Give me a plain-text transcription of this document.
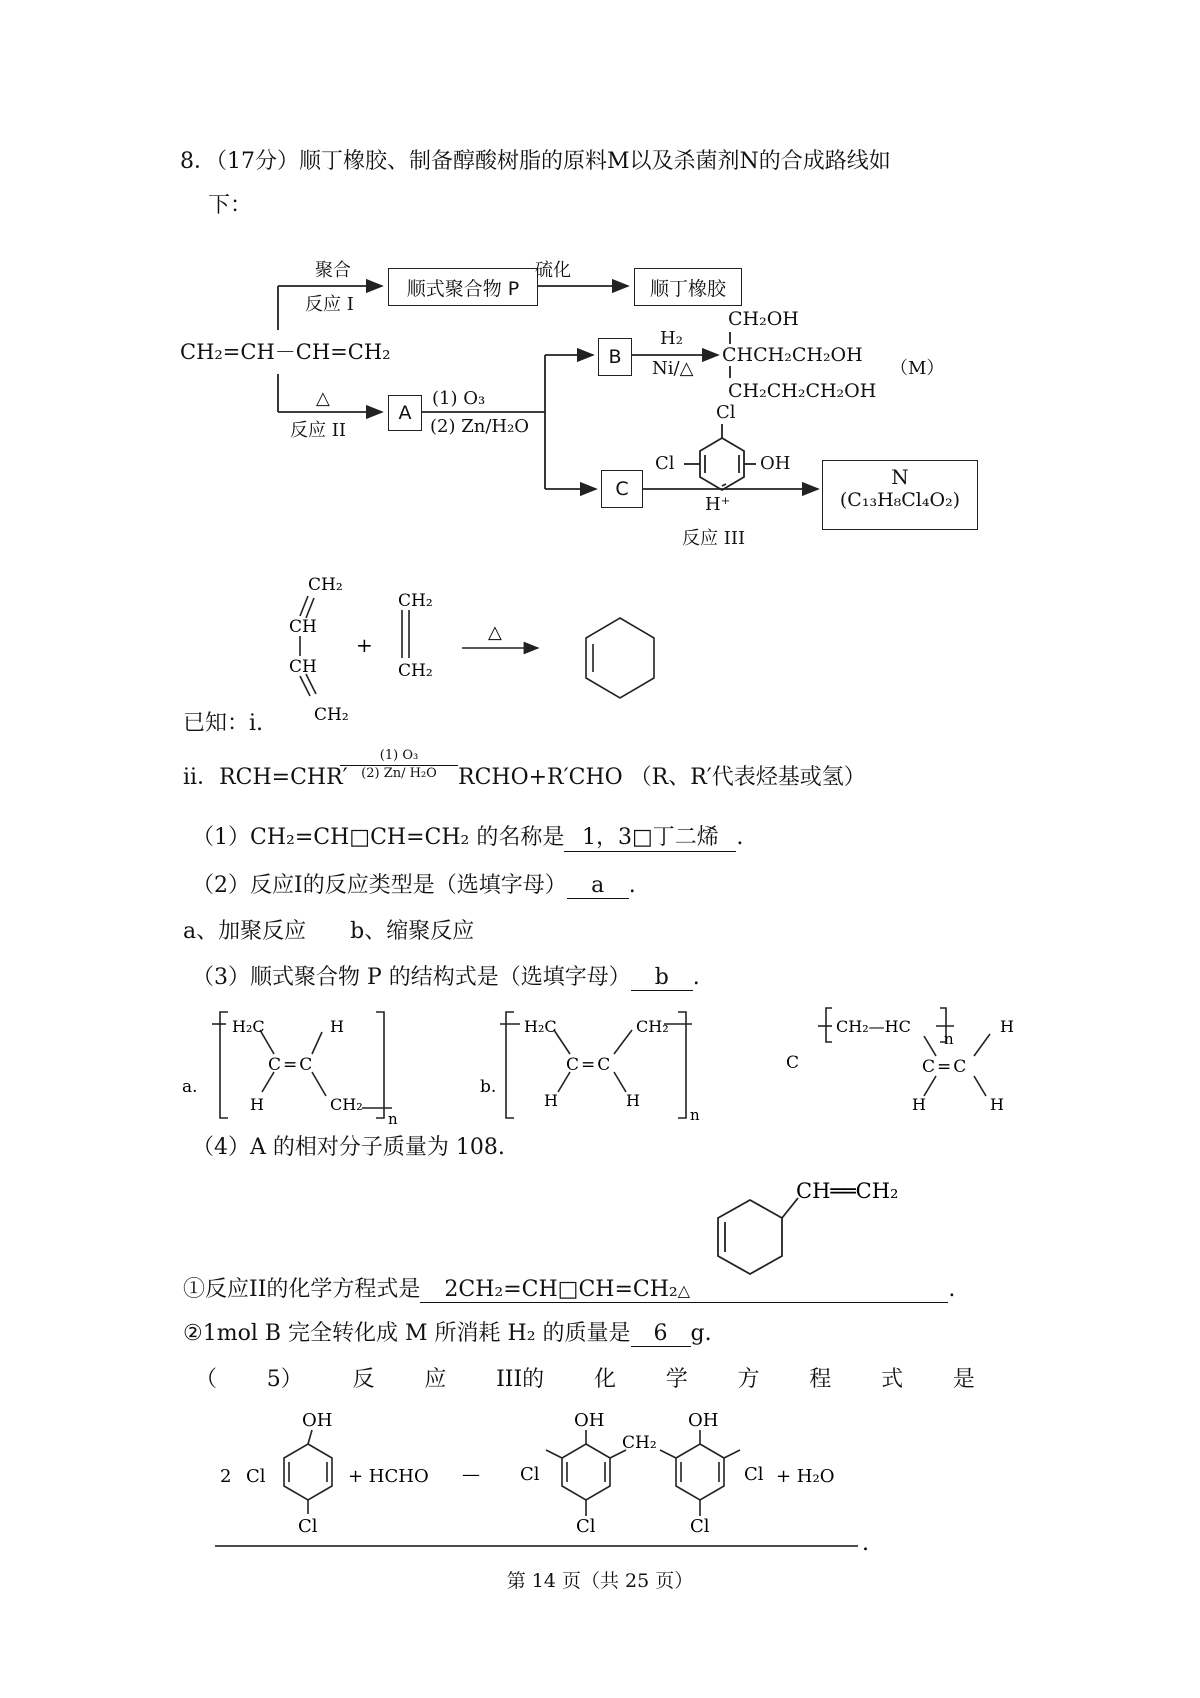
8．（17分）顺丁橡胶、制备醇酸树脂的原料M以及杀菌剂N的合成路线如
下：
CH₂=CH－CH=CH₂
聚合
反应 I
顺式聚合物 P
硫化
顺丁橡胶
△
反应 II
A
(1) O₃
(2) Zn/H₂O
B
H₂
Ni/△
CH₂OH
CHCH₂CH₂OH
CH₂CH₂CH₂OH
（M）
C
Cl
Cl	OH
H⁺
反应 III
N
(C₁₃H₈Cl₄O₂)
CH₂
CH
CH
CH₂
+
CH₂
CH₂
△
已知：i.
ii．RCH=CHR′
(1) O₃
(2) Zn/ H₂O RCHO+R′CHO （R、R′代表烃基或氢）
（1）CH₂=CH□CH=CH₂ 的名称是 1，3□丁二烯 .
（2）反应I的反应类型是（选填字母） a .
a、加聚反应　　b、缩聚反应
（3）顺式聚合物 P 的结构式是（选填字母） b .
a.
H₂C	H
C = C
H	CH₂
n
b.
H₂C	CH₂
C = C
H	H
n
C
CH₂—HC
n
H
C = C
H	H
（4）A 的相对分子质量为 108.
CH══CH₂
①反应II的化学方程式是 2CH₂=CH□CH=CH₂△	.
②1mol B 完全转化成 M 所消耗 H₂ 的质量是 6 g.
（ 5） 反 应 III的 化 学 方 程 式 是
2 Cl
OH
Cl
+ HCHO — Cl
OH
Cl
CH₂
OH
Cl
Cl
+ H₂O
.
第 14 页（共 25 页）
